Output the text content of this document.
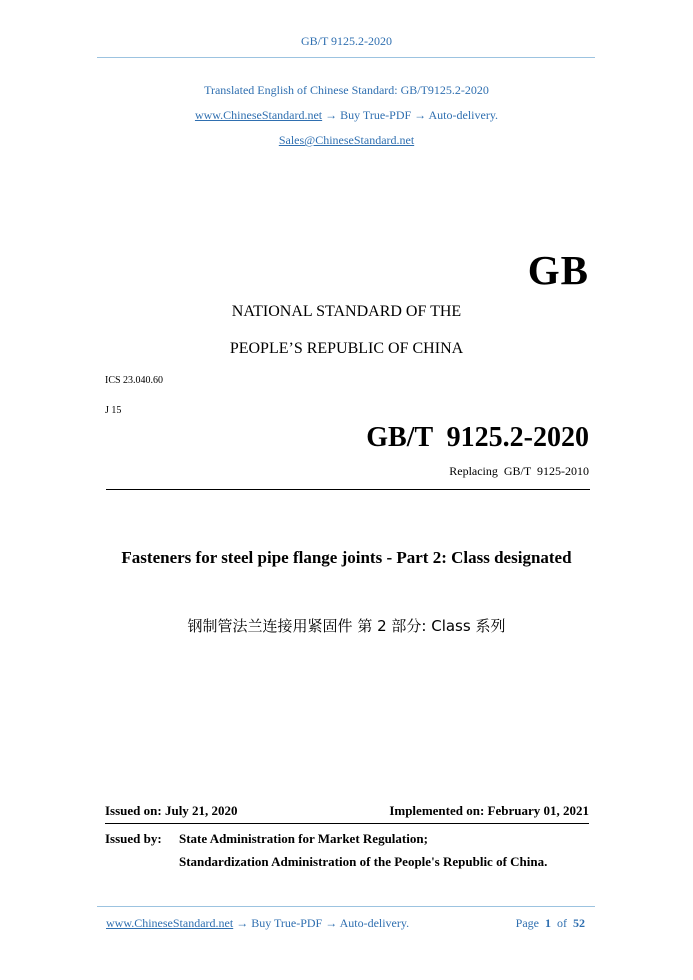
GB/T 9125.2-2020
Translated English of Chinese Standard: GB/T9125.2-2020
www.ChineseStandard.net → Buy True-PDF → Auto-delivery.
Sales@ChineseStandard.net
GB
NATIONAL STANDARD OF THE
PEOPLE’S REPUBLIC OF CHINA
ICS 23.040.60
J 15
GB/T  9125.2-2020
Replacing  GB/T  9125-2010
Fasteners for steel pipe flange joints - Part 2: Class designated
钢制管法兰连接用紧固件 第 2 部分: Class 系列
Issued on: July 21, 2020	Implemented on: February 01, 2021
Issued by: State Administration for Market Regulation;
Standardization Administration of the People's Republic of China.
www.ChineseStandard.net → Buy True-PDF → Auto-delivery.	Page  1  of  52
